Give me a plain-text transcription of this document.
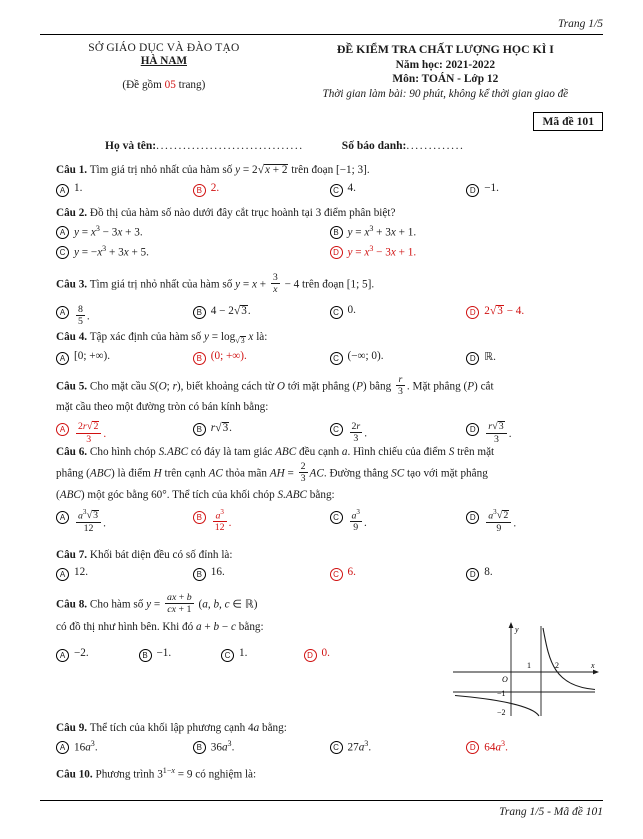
Trang 1/5
SỞ GIÁO DỤC VÀ ĐÀO TẠO
HÀ NAM
(Đề gồm 05 trang)
ĐỀ KIỂM TRA CHẤT LƯỢNG HỌC KÌ I
Năm học: 2021-2022
Môn: TOÁN - Lớp 12
Thời gian làm bài: 90 phút, không kể thời gian giao đề
Mã đề 101
Họ và tên:.................................	Số báo danh:.............
Câu 1. Tìm giá trị nhỏ nhất của hàm số y = 2√x + 2 trên đoạn [−1; 3].
A 1.	B 2.	C 4.	D −1.
Câu 2. Đồ thị của hàm số nào dưới đây cắt trục hoành tại 3 điểm phân biệt?
A $y = x^3 - 3x + 3$.	B $y = x^3 + 3x + 1$.
C $y = -x^3 + 3x + 5$.	D $y = x^3 - 3x + 1$.
Câu 3. Tìm giá trị nhỏ nhất của hàm số $y = x + \frac{3}{x} - 4$ trên đoạn [1; 5].
A	$\frac{8}{5}$ .	B 4 − 2√3.	C 0.	D 2√3 − 4.
Câu 4. Tập xác định của hàm số $y = \log_{√3} x$ là:
A [0; +∞).	B (0; +∞).	C (−∞; 0).	D ℝ.
Câu 5. Cho mặt cầu S(O; r), biết khoảng cách từ O tới mặt phẳng (P) bằng $\frac{r}{3}$ . Mặt phẳng (P) cắt
mặt cầu theo một đường tròn có bán kính bằng:
A	$\frac{2r√2}{3}$ .	B r√3.	C	$\frac{2r}{3}$ .	D	$\frac{r√3}{3}$ .
Câu 6. Cho hình chóp S.ABC có đáy là tam giác ABC đều cạnh a. Hình chiếu của điểm S trên mặt
phẳng (ABC) là điểm H trên cạnh AC thỏa mãn AH = $\frac{2}{3}$ AC. Đường thẳng SC tạo với mặt phẳng
(ABC) một góc bằng 60°. Thể tích của khối chóp S.ABC bằng:
A	$\frac{a^3√3}{12}$ .	B	$\frac{a^3}{12}$ .	C	$\frac{a^3}{9}$ .	D	$\frac{a^3√2}{9}$ .
Câu 7. Khối bát diện đều có số đỉnh là:
A 12.	B 16.	C 6.	D 8.
Câu 8. Cho hàm số $y = \frac{ax + b}{cx + 1} (a$, b, c ∈ ℝ)
có đồ thị như hình bên. Khi đó a + b − c bằng:
A −2.	B −1.	C 1.	D 0.
y
x
O
1	2
−1
−2
Câu 9. Thể tích của khối lập phương cạnh 4a bằng:
A $16a^3$.	B $36a^3$.	C $27a^3$.	D $64a^3$.
Câu 10. Phương trình $3^{1-x} = 9$ có nghiệm là:
Trang 1/5 - Mã đề 101
